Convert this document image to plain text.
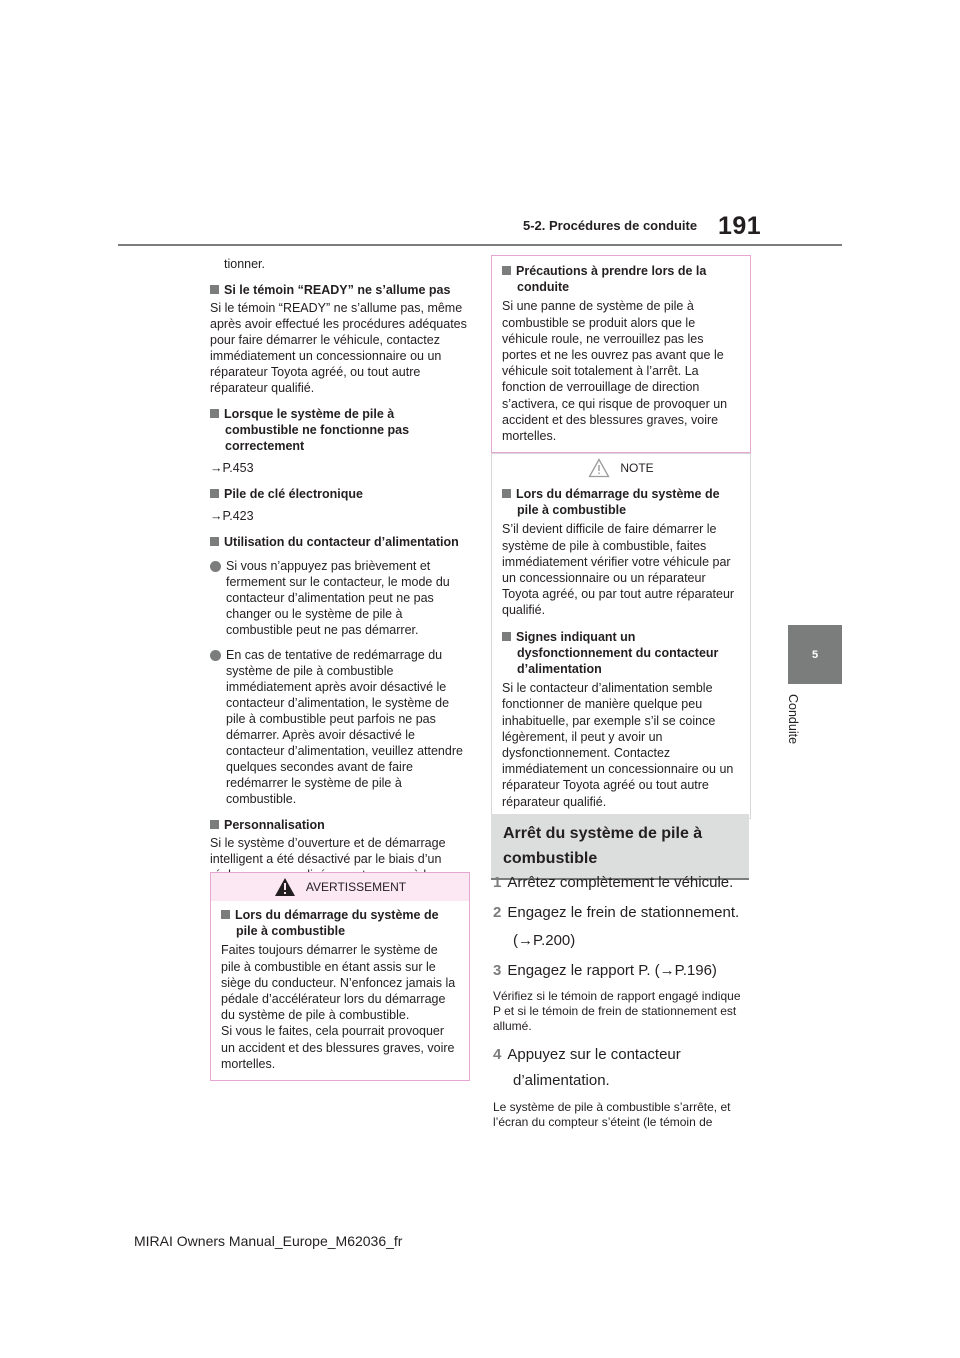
5-2. Procédures de conduite 191
5
Conduite

tionner.

Si le témoin “READY” ne s’allume pas

Si le témoin “READY” ne s’allume pas, même après avoir effectué les procédures adéquates pour faire démarrer le véhicule, contactez immédiatement un concessionnaire ou un réparateur Toyota agréé, ou tout autre réparateur qualifié.

Lorsque le système de pile à combustible ne fonctionne pas correctement

→P.453

Pile de clé électronique

→P.423

Utilisation du contacteur d’alimentation

Si vous n’appuyez pas brièvement et fermement sur le contacteur, le mode du contacteur d’alimentation peut ne pas changer ou le système de pile à combustible peut ne pas démarrer.

En cas de tentative de redémarrage du système de pile à combustible immédiatement après avoir désactivé le contacteur d’alimentation, le système de pile à combustible peut parfois ne pas démarrer. Après avoir désactivé le contacteur d’alimentation, veuillez attendre quelques secondes avant de faire redémarrer le système de pile à combustible.

Personnalisation

Si le système d’ouverture et de démarrage intelligent a été désactivé par le biais d’un

AVERTISSEMENT

Lors du démarrage du système de pile à combustible

Faites toujours démarrer le système de pile à combustible en étant assis sur le siège du conducteur. N’enfoncez jamais la pédale d’accélérateur lors du démarrage du système de pile à combustible.

Si vous le faites, cela pourrait provoquer un accident et des blessures graves, voire mortelles.

Précautions à prendre lors de la conduite

Si une panne de système de pile à combustible se produit alors que le véhicule roule, ne verrouillez pas les portes et ne les ouvrez pas avant que le véhicule soit totalement à l’arrêt. La fonction de verrouillage de direction s’activera, ce qui risque de provoquer un accident et des blessures graves, voire mortelles.

NOTE

Lors du démarrage du système de pile à combustible

S’il devient difficile de faire démarrer le système de pile à combustible, faites immédiatement vérifier votre véhicule par un concessionnaire ou un réparateur Toyota agréé, ou par tout autre réparateur qualifié.

Signes indiquant un dysfonctionnement du contacteur d’alimentation

Si le contacteur d’alimentation semble fonctionner de manière quelque peu inhabituelle, par exemple s’il se coince légèrement, il peut y avoir un dysfonctionnement. Contactez immédiatement un concessionnaire ou un réparateur Toyota agréé ou tout autre réparateur qualifié.

Arrêt du système de pile à combustible

1 Arrêtez complètement le véhicule.

2 Engagez le frein de stationnement.

(→P.200)

3 Engagez le rapport P. (→P.196)

Vérifiez si le témoin de rapport engagé indique P et si le témoin de frein de stationnement est allumé.

4 Appuyez sur le contacteur d’alimentation.

Le système de pile à combustible s’arrête, et l’écran du compteur s’éteint (le témoin de

MIRAI Owners Manual_Europe_M62036_fr
